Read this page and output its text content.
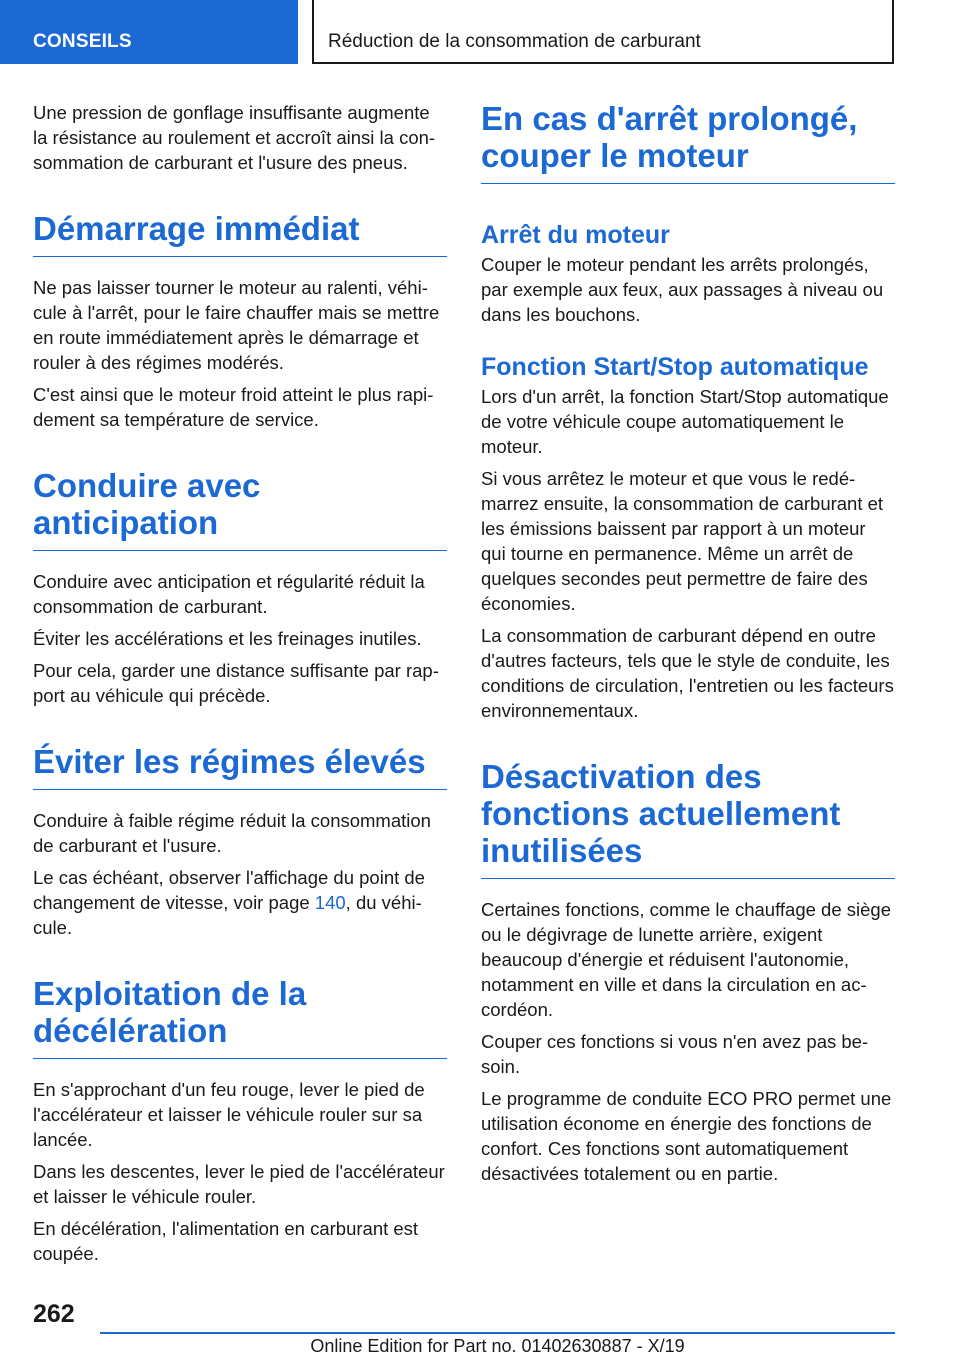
CONSEILS	Réduction de la consommation de carburant

Une pression de gonflage insuffisante augmente la résistance au roulement et accroît ainsi la consommation de carburant et l'usure des pneus.

Démarrage immédiat

Ne pas laisser tourner le moteur au ralenti, véhicule à l'arrêt, pour le faire chauffer mais se mettre en route immédiatement après le démarrage et rouler à des régimes modérés.

C'est ainsi que le moteur froid atteint le plus rapidement sa température de service.

Conduire avec anticipation

Conduire avec anticipation et régularité réduit la consommation de carburant.

Éviter les accélérations et les freinages inutiles.

Pour cela, garder une distance suffisante par rapport au véhicule qui précède.

Éviter les régimes élevés

Conduire à faible régime réduit la consommation de carburant et l'usure.

Le cas échéant, observer l'affichage du point de changement de vitesse, voir page 140, du véhicule.

Exploitation de la décélération

En s'approchant d'un feu rouge, lever le pied de l'accélérateur et laisser le véhicule rouler sur sa lancée.

Dans les descentes, lever le pied de l'accélérateur et laisser le véhicule rouler.

En décélération, l'alimentation en carburant est coupée.

En cas d'arrêt prolongé, couper le moteur
Arrêt du moteur

Couper le moteur pendant les arrêts prolongés, par exemple aux feux, aux passages à niveau ou dans les bouchons.

Fonction Start/Stop automatique

Lors d'un arrêt, la fonction Start/Stop automatique de votre véhicule coupe automatiquement le moteur.

Si vous arrêtez le moteur et que vous le redémarrez ensuite, la consommation de carburant et les émissions baissent par rapport à un moteur qui tourne en permanence. Même un arrêt de quelques secondes peut permettre de faire des économies.

La consommation de carburant dépend en outre d'autres facteurs, tels que le style de conduite, les conditions de circulation, l'entretien ou les facteurs environnementaux.

Désactivation des fonctions actuellement inutilisées

Certaines fonctions, comme le chauffage de siège ou le dégivrage de lunette arrière, exigent beaucoup d'énergie et réduisent l'autonomie, notamment en ville et dans la circulation en accordéon.

Couper ces fonctions si vous n'en avez pas besoin.

Le programme de conduite ECO PRO permet une utilisation économe en énergie des fonctions de confort. Ces fonctions sont automatiquement désactivées totalement ou en partie.

262
Online Edition for Part no. 01402630887 - X/19
